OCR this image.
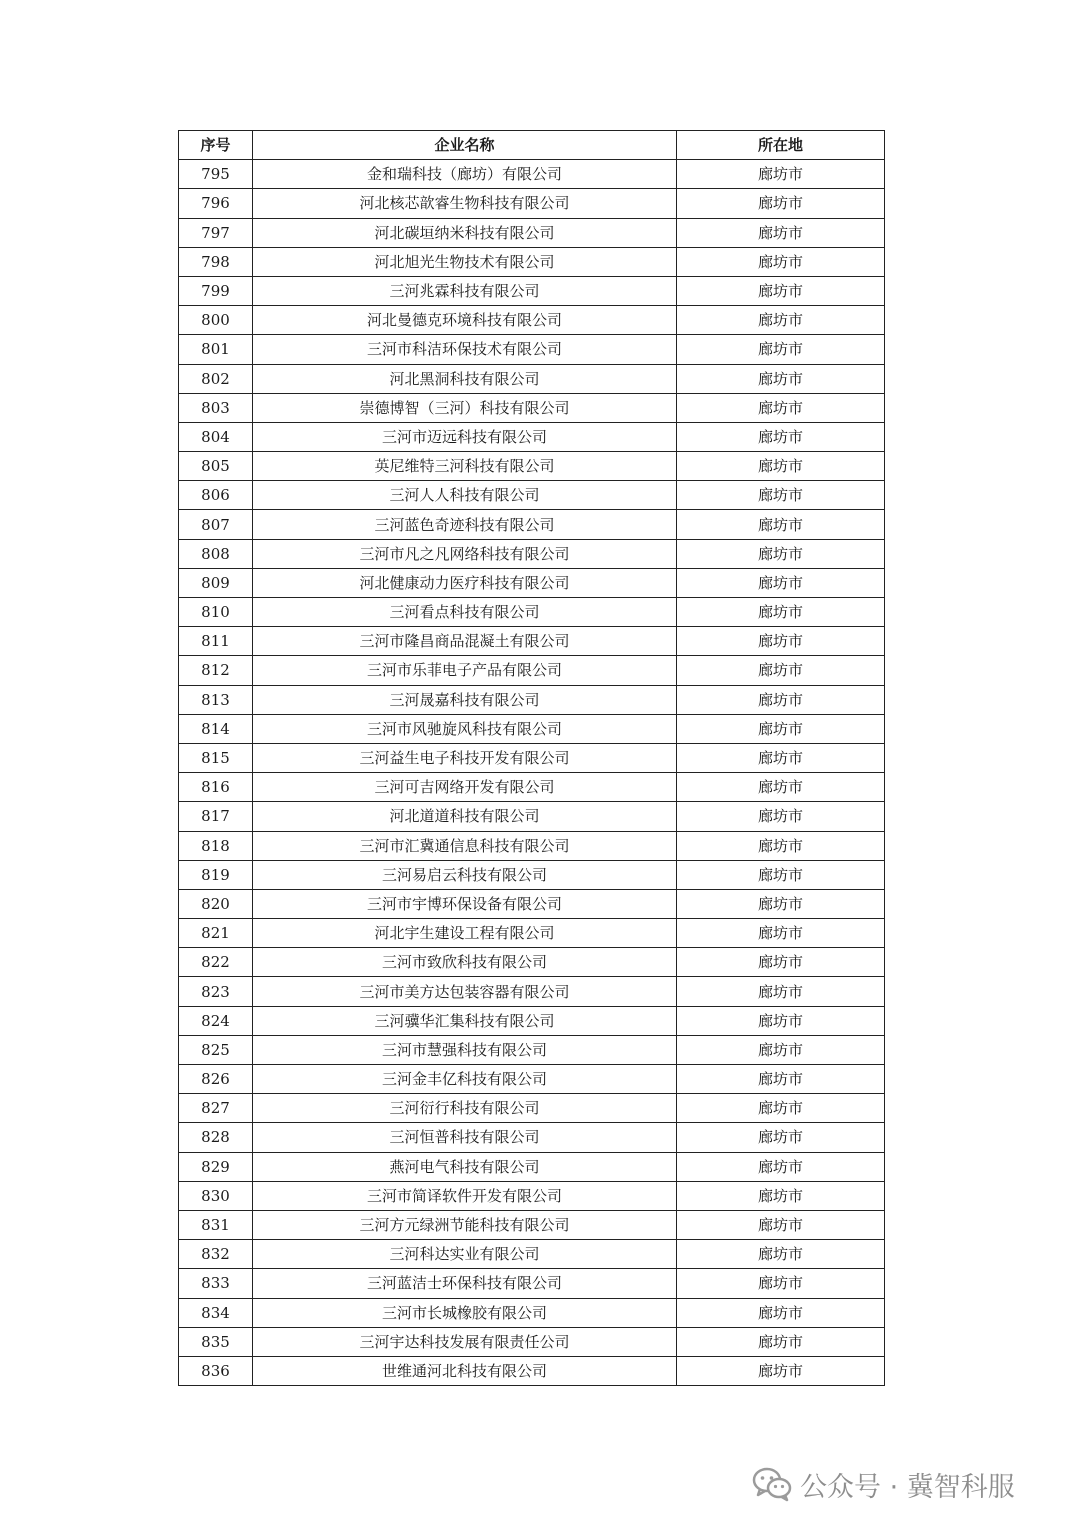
序号	企业名称	所在地
795	金和瑞科技（廊坊）有限公司	廊坊市
796	河北核芯歆睿生物科技有限公司	廊坊市
797	河北碳垣纳米科技有限公司	廊坊市
798	河北旭光生物技术有限公司	廊坊市
799	三河兆霖科技有限公司	廊坊市
800	河北曼德克环境科技有限公司	廊坊市
801	三河市科洁环保技术有限公司	廊坊市
802	河北黑洞科技有限公司	廊坊市
803	崇德博智（三河）科技有限公司	廊坊市
804	三河市迈远科技有限公司	廊坊市
805	英尼维特三河科技有限公司	廊坊市
806	三河人人科技有限公司	廊坊市
807	三河蓝色奇迹科技有限公司	廊坊市
808	三河市凡之凡网络科技有限公司	廊坊市
809	河北健康动力医疗科技有限公司	廊坊市
810	三河看点科技有限公司	廊坊市
811	三河市隆昌商品混凝土有限公司	廊坊市
812	三河市乐菲电子产品有限公司	廊坊市
813	三河晟嘉科技有限公司	廊坊市
814	三河市风驰旋风科技有限公司	廊坊市
815	三河益生电子科技开发有限公司	廊坊市
816	三河可吉网络开发有限公司	廊坊市
817	河北道道科技有限公司	廊坊市
818	三河市汇冀通信息科技有限公司	廊坊市
819	三河易启云科技有限公司	廊坊市
820	三河市宇博环保设备有限公司	廊坊市
821	河北宇生建设工程有限公司	廊坊市
822	三河市致欣科技有限公司	廊坊市
823	三河市美方达包装容器有限公司	廊坊市
824	三河骥华汇集科技有限公司	廊坊市
825	三河市慧强科技有限公司	廊坊市
826	三河金丰亿科技有限公司	廊坊市
827	三河衍行科技有限公司	廊坊市
828	三河恒普科技有限公司	廊坊市
829	燕河电气科技有限公司	廊坊市
830	三河市简译软件开发有限公司	廊坊市
831	三河方元绿洲节能科技有限公司	廊坊市
832	三河科达实业有限公司	廊坊市
833	三河蓝洁士环保科技有限公司	廊坊市
834	三河市长城橡胶有限公司	廊坊市
835	三河宇达科技发展有限责任公司	廊坊市
836	世维通河北科技有限公司	廊坊市
公众号 · 冀智科服
